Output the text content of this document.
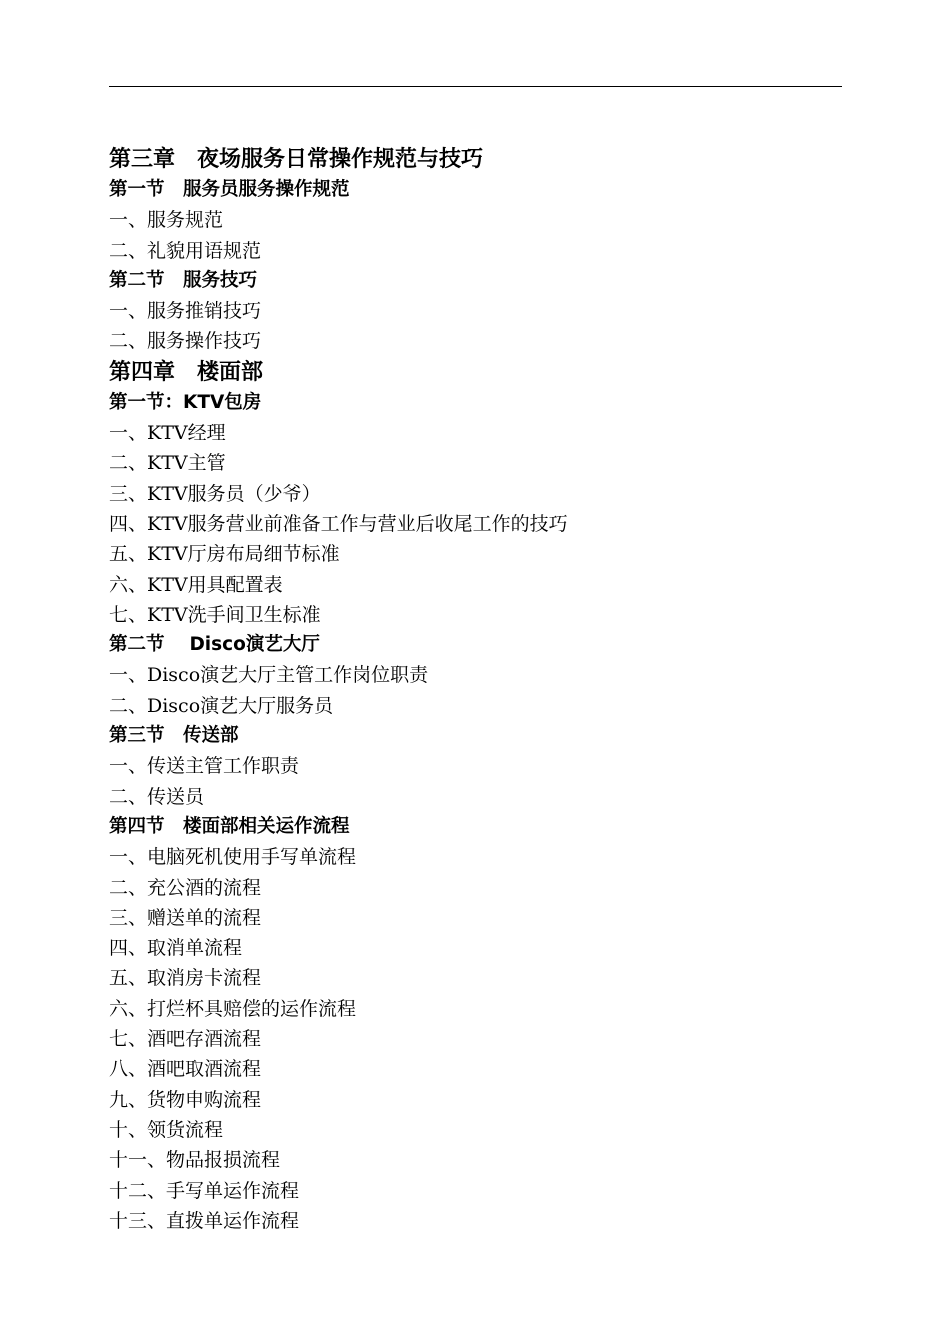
第三章　夜场服务日常操作规范与技巧
第一节　服务员服务操作规范
一、服务规范
二、礼貌用语规范
第二节　服务技巧
一、服务推销技巧
二、服务操作技巧
第四章　楼面部
第一节：KTV包房
一、KTV经理
二、KTV主管
三、KTV服务员（少爷）
四、KTV服务营业前准备工作与营业后收尾工作的技巧
五、KTV厅房布局细节标准
六、KTV用具配置表
七、KTV洗手间卫生标准
第二节　 Disco演艺大厅
一、Disco演艺大厅主管工作岗位职责
二、Disco演艺大厅服务员
第三节　传送部
一、传送主管工作职责
二、传送员
第四节　楼面部相关运作流程
一、电脑死机使用手写单流程
二、充公酒的流程
三、赠送单的流程
四、取消单流程
五、取消房卡流程
六、打烂杯具赔偿的运作流程
七、酒吧存酒流程
八、酒吧取酒流程
九、货物申购流程
十、领货流程
十一、物品报损流程
十二、手写单运作流程
十三、直拨单运作流程
